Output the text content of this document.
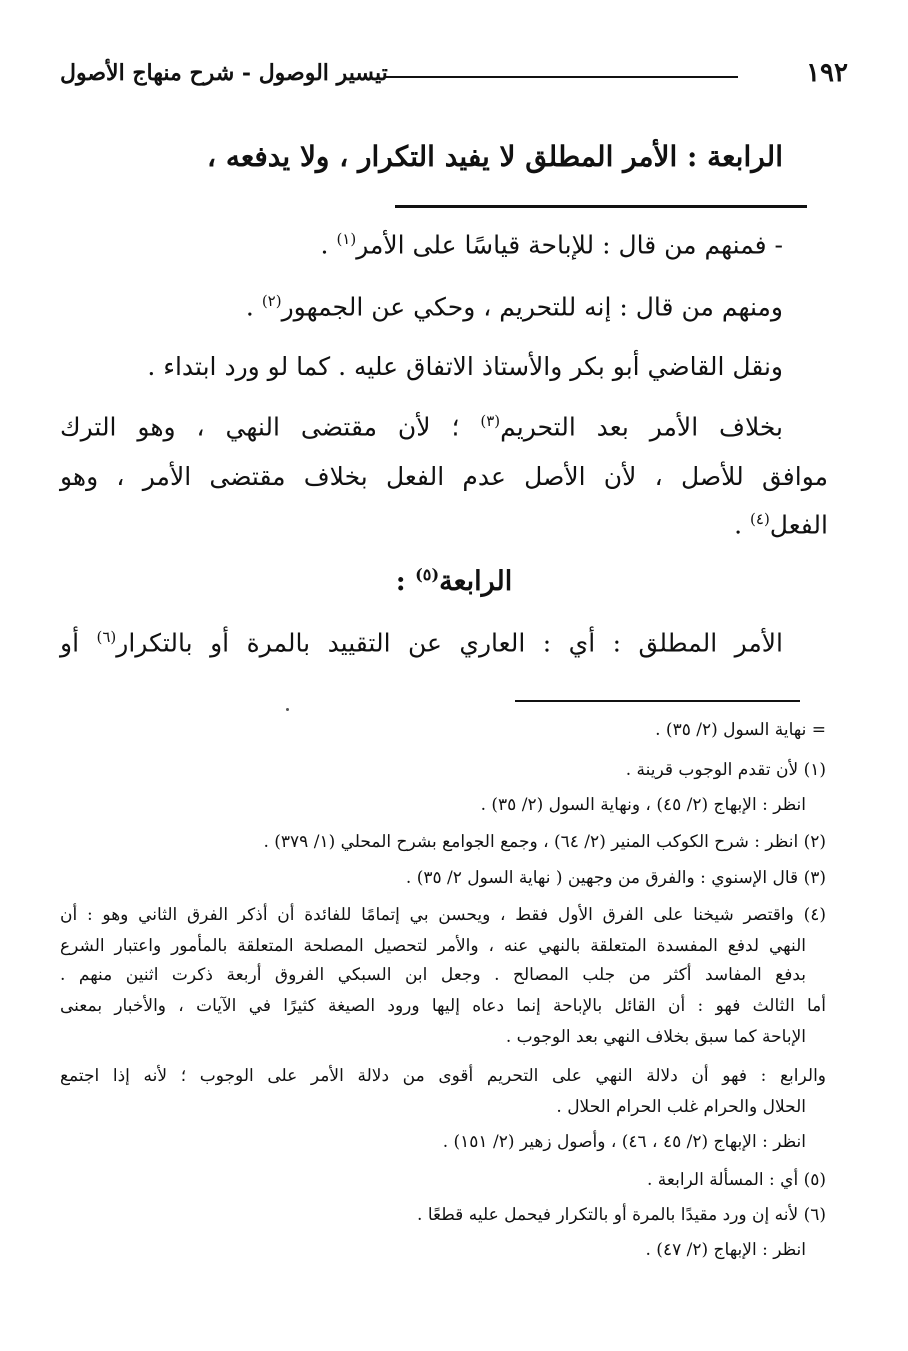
١٩٢
تيسير الوصول - شرح منهاج الأصول
الرابعة : الأمر المطلق لا يفيد التكرار ، ولا يدفعه ،
- فمنهم من قال : للإباحة قياسًا على الأمر$^{(١)}$ .
ومنهم من قال : إنه للتحريم ، وحكي عن الجمهور$^{(٢)}$ .
ونقل القاضي أبو بكر والأستاذ الاتفاق عليه . كما لو ورد ابتداء .
بخلاف الأمر بعد التحريم$^{(٣)}$ ؛ لأن مقتضى النهي ، وهو الترك
موافق للأصل ، لأن الأصل عدم الفعل بخلاف مقتضى الأمر ، وهو
الفعل$^{(٤)}$ .
الرابعة$^{(٥)}$ :
الأمر المطلق : أي : العاري عن التقييد بالمرة أو بالتكرار$^{(٦)}$ أو
= نهاية السول (٢/ ٣٥) .
(١) لأن تقدم الوجوب قرينة .
انظر : الإبهاج (٢/ ٤٥) ، ونهاية السول (٢/ ٣٥) .
(٢) انظر : شرح الكوكب المنير (٢/ ٦٤) ، وجمع الجوامع بشرح المحلي (١/ ٣٧٩) .
(٣) قال الإسنوي : والفرق من وجهين ( نهاية السول ٢/ ٣٥) .
(٤) واقتصر شيخنا على الفرق الأول فقط ، ويحسن بي إتمامًا للفائدة أن أذكر الفرق الثاني وهو : أن
النهي لدفع المفسدة المتعلقة بالنهي عنه ، والأمر لتحصيل المصلحة المتعلقة بالمأمور واعتبار الشرع
بدفع المفاسد أكثر من جلب المصالح . وجعل ابن السبكي الفروق أربعة ذكرت اثنين منهم .
أما الثالث فهو : أن القائل بالإباحة إنما دعاه إليها ورود الصيغة كثيرًا في الآيات ، والأخبار بمعنى
الإباحة كما سبق بخلاف النهي بعد الوجوب .
والرابع : فهو أن دلالة النهي على التحريم أقوى من دلالة الأمر على الوجوب ؛ لأنه إذا اجتمع
الحلال والحرام غلب الحرام الحلال .
انظر : الإبهاج (٢/ ٤٥ ، ٤٦) ، وأصول زهير (٢/ ١٥١) .
(٥) أي : المسألة الرابعة .
(٦) لأنه إن ورد مقيدًا بالمرة أو بالتكرار فيحمل عليه قطعًا .
انظر : الإبهاج (٢/ ٤٧) .
